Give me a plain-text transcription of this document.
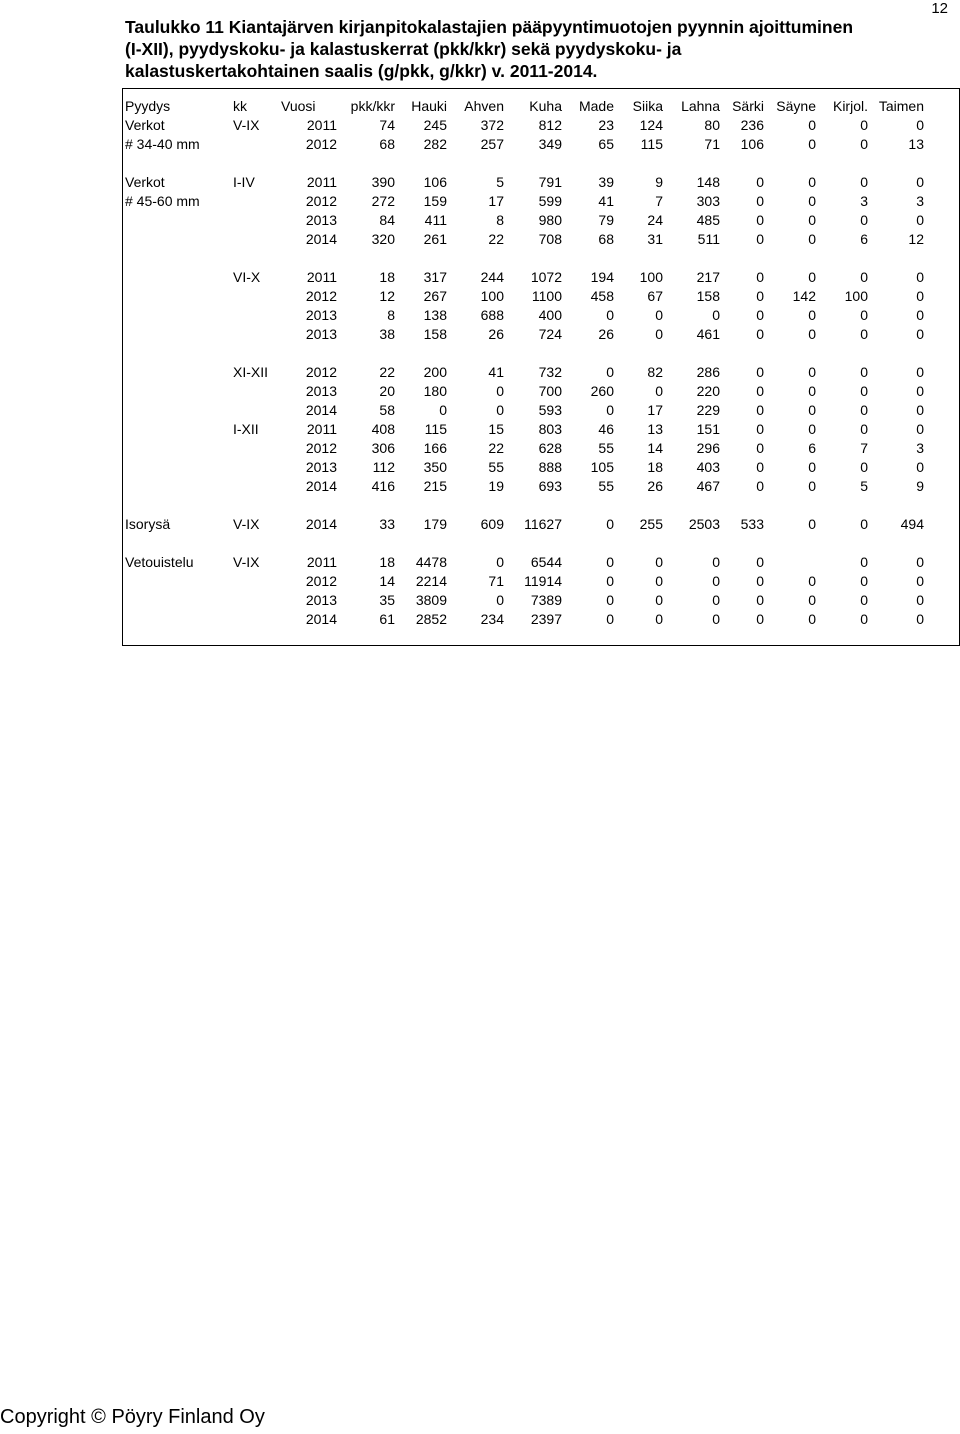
12
Taulukko 11 Kiantajärven kirjanpitokalastajien pääpyyntimuotojen pyynnin ajoittuminen
(I-XII), pyydyskoku- ja kalastuskerrat (pkk/kkr) sekä pyydyskoku- ja
kalastuskertakohtainen saalis (g/pkk, g/kkr) v. 2011-2014.
Pyydys	kk	Vuosi	pkk/kkr	Hauki	Ahven	Kuha	Made	Siika	Lahna	Särki	Säyne	Kirjol.	Taimen
Verkot	V-IX	2011	74	245	372	812	23	124	80	236	0	0	0
# 34-40 mm		2012	68	282	257	349	65	115	71	106	0	0	13

Verkot	I-IV	2011	390	106	5	791	39	9	148	0	0	0	0
# 45-60 mm		2012	272	159	17	599	41	7	303	0	0	3	3
		2013	84	411	8	980	79	24	485	0	0	0	0
		2014	320	261	22	708	68	31	511	0	0	6	12

	VI-X	2011	18	317	244	1072	194	100	217	0	0	0	0
		2012	12	267	100	1100	458	67	158	0	142	100	0
		2013	8	138	688	400	0	0	0	0	0	0	0
		2013	38	158	26	724	26	0	461	0	0	0	0

	XI-XII	2012	22	200	41	732	0	82	286	0	0	0	0
		2013	20	180	0	700	260	0	220	0	0	0	0
		2014	58	0	0	593	0	17	229	0	0	0	0
	I-XII	2011	408	115	15	803	46	13	151	0	0	0	0
		2012	306	166	22	628	55	14	296	0	6	7	3
		2013	112	350	55	888	105	18	403	0	0	0	0
		2014	416	215	19	693	55	26	467	0	0	5	9

Isorysä	V-IX	2014	33	179	609	11627	0	255	2503	533	0	0	494

Vetouistelu	V-IX	2011	18	4478	0	6544	0	0	0	0		0	0
		2012	14	2214	71	11914	0	0	0	0	0	0	0
		2013	35	3809	0	7389	0	0	0	0	0	0	0
		2014	61	2852	234	2397	0	0	0	0	0	0	0
Copyright © Pöyry Finland Oy
